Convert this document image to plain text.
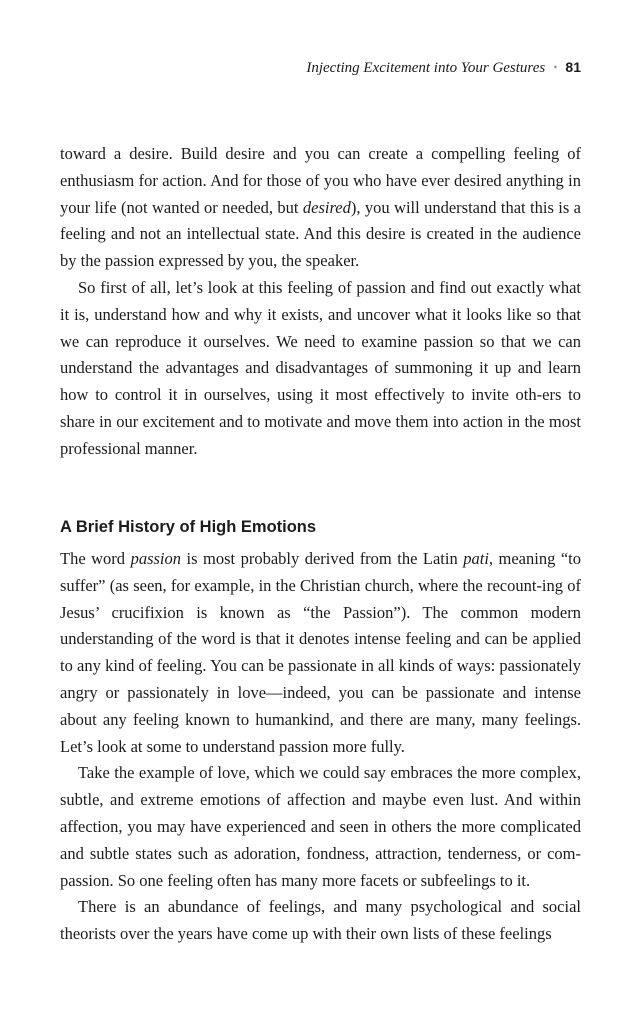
Injecting Excitement into Your Gestures • 81

toward a desire. Build desire and you can create a compelling feeling of enthusiasm for action. And for those of you who have ever desired anything in your life (not wanted or needed, but desired), you will understand that this is a feeling and not an intellectual state. And this desire is created in the audience by the passion expressed by you, the speaker.

So first of all, let’s look at this feeling of passion and find out exactly what it is, understand how and why it exists, and uncover what it looks like so that we can reproduce it ourselves. We need to examine passion so that we can understand the advantages and disadvantages of summoning it up and learn how to control it in ourselves, using it most effectively to invite oth-ers to share in our excitement and to motivate and move them into action in the most professional manner.

A Brief History of High Emotions

The word passion is most probably derived from the Latin pati, meaning “to suffer” (as seen, for example, in the Christian church, where the recount-ing of Jesus’ crucifixion is known as “the Passion”). The common modern understanding of the word is that it denotes intense feeling and can be applied to any kind of feeling. You can be passionate in all kinds of ways: passionately angry or passionately in love—indeed, you can be passionate and intense about any feeling known to humankind, and there are many, many feelings. Let’s look at some to understand passion more fully.

Take the example of love, which we could say embraces the more complex, subtle, and extreme emotions of affection and maybe even lust. And within affection, you may have experienced and seen in others the more complicated and subtle states such as adoration, fondness, attraction, tenderness, or com-passion. So one feeling often has many more facets or subfeelings to it.

There is an abundance of feelings, and many psychological and social theorists over the years have come up with their own lists of these feelings
